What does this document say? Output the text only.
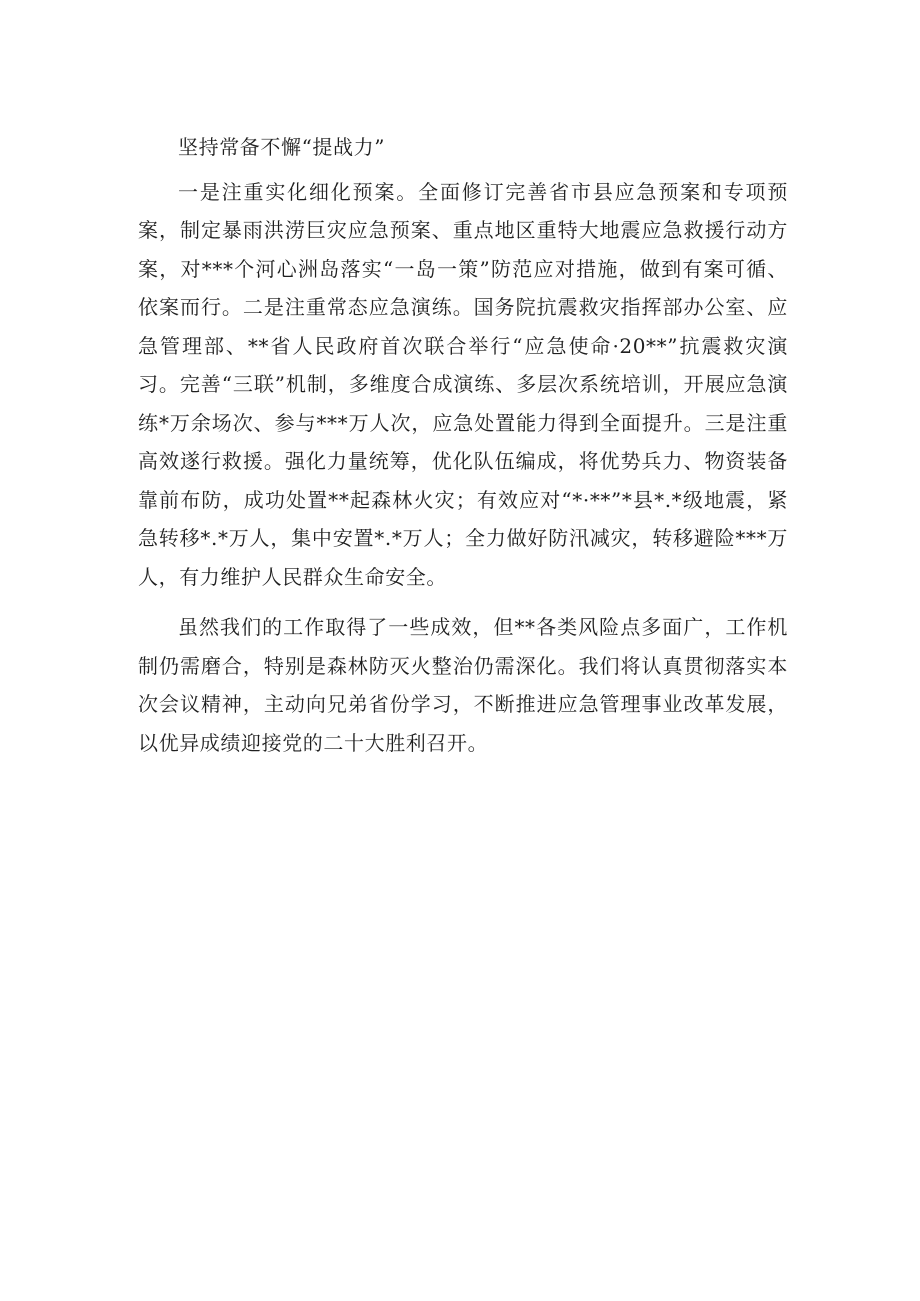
坚持常备不懈“提战力”

一是注重实化细化预案。全面修订完善省市县应急预案和专项预案，制定暴雨洪涝巨灾应急预案、重点地区重特大地震应急救援行动方案，对***个河心洲岛落实“一岛一策”防范应对措施，做到有案可循、依案而行。二是注重常态应急演练。国务院抗震救灾指挥部办公室、应急管理部、**省人民政府首次联合举行“应急使命·20**”抗震救灾演习。完善“三联”机制，多维度合成演练、多层次系统培训，开展应急演练*万余场次、参与***万人次，应急处置能力得到全面提升。三是注重高效遂行救援。强化力量统筹，优化队伍编成，将优势兵力、物资装备靠前布防，成功处置**起森林火灾；有效应对“*·**”*县*.*级地震，紧急转移*.*万人，集中安置*.*万人；全力做好防汛减灾，转移避险***万人，有力维护人民群众生命安全。

虽然我们的工作取得了一些成效，但**各类风险点多面广，工作机制仍需磨合，特别是森林防灭火整治仍需深化。我们将认真贯彻落实本次会议精神，主动向兄弟省份学习，不断推进应急管理事业改革发展，以优异成绩迎接党的二十大胜利召开。
